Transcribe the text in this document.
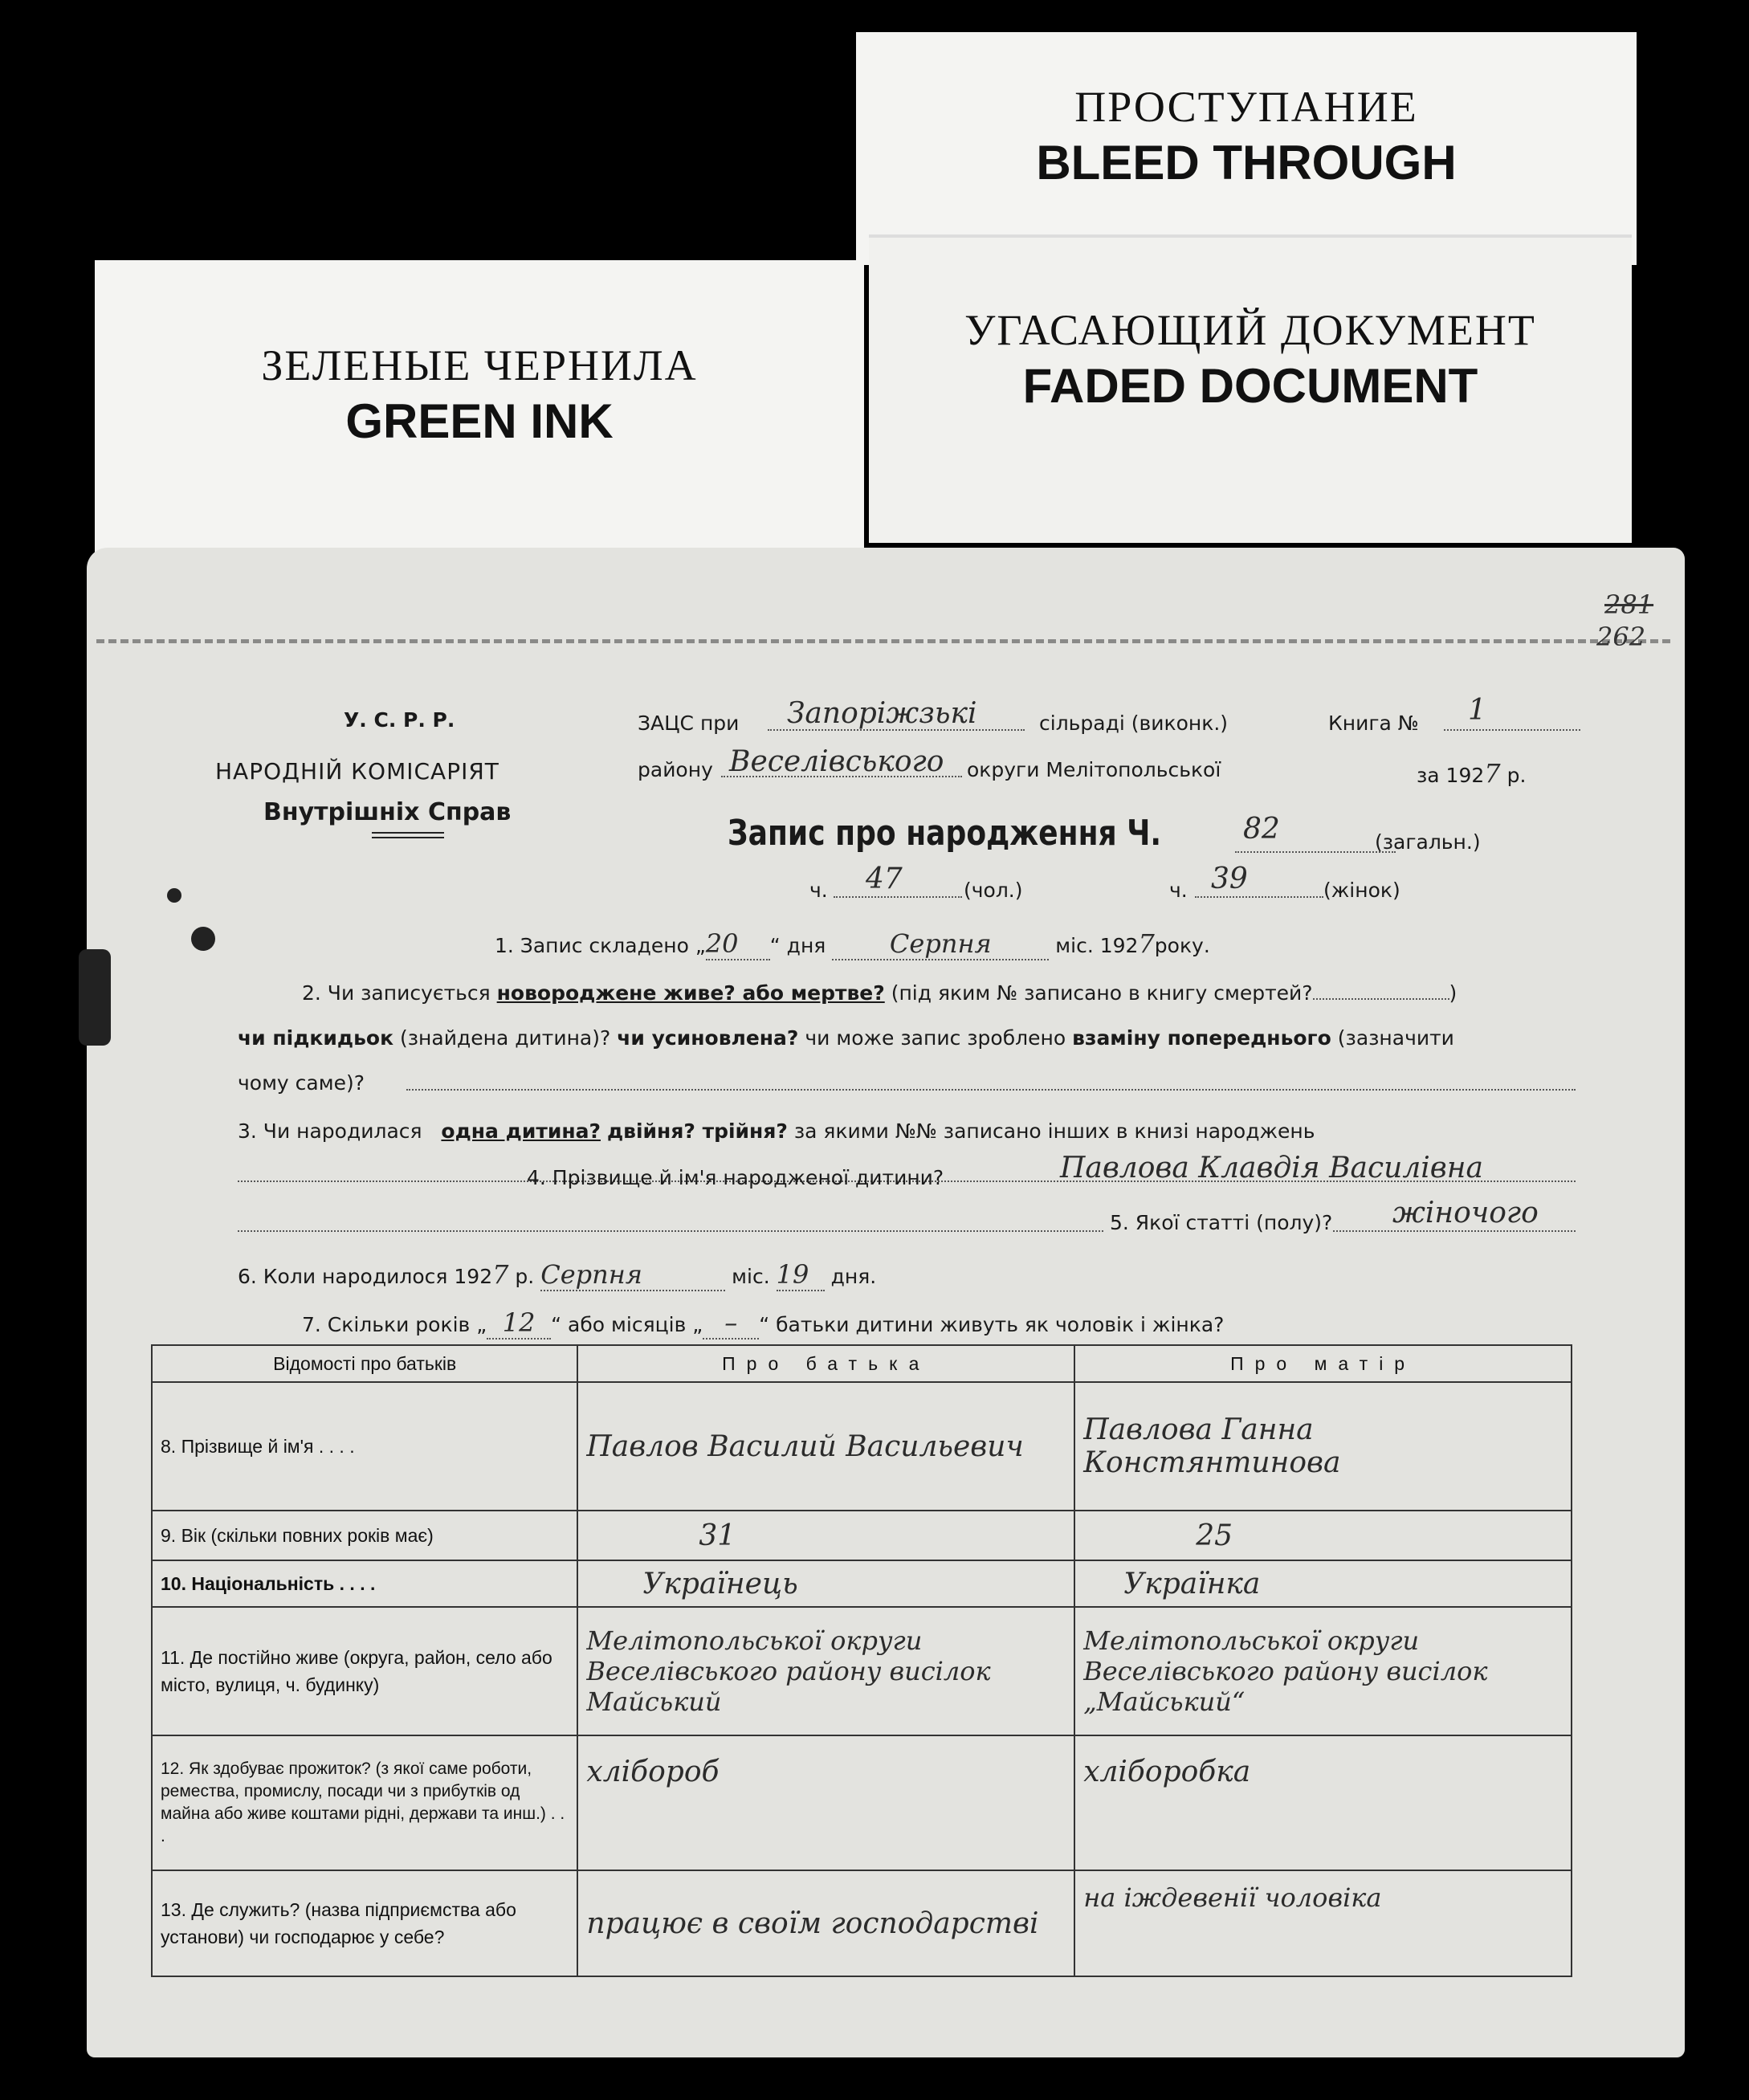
ПРОСТУПАНИЕ
BLEED THROUGH
УГАСАЮЩИЙ ДОКУМЕНТ
FADED DOCUMENT
ЗЕЛЕНЫЕ ЧЕРНИЛА
GREEN INK
281
262
У. С. Р. Р.
НАРОДНІЙ КОМІСАРІЯТ
Внутрішніх Справ
ЗАЦС при Запоріжзькі	сільраді (виконк.)
району Веселівського округи Мелітопольської
Книга № 1
за 1927 р.
Запис про народження Ч.	82	(загальн.)
ч. 47	(чол.)	ч. 39	(жінок)
1. Запис складено „20 “ дня Серпня	міс. 1927року.
2. Чи записується новороджене живе? або мертве? (під яким № записано в книгу смертей?	)
чи підкидьок (знайдена дитина)? чи усиновлена? чи може запис зроблено взаміну попереднього (зазначити
чому саме)?
3. Чи народилася одна дитина? двійня? трійня? за якими №№ записано інших в книзі народжень
4. Прізвище й ім'я народженої дитини?	Павлова Клавдія Василівна
5. Якої статті (полу)? жіночого
6. Коли народилося 1927 р. Серпня	міс. 19 дня.
7. Скільки років „ 12 “ або місяців „ – “ батьки дитини живуть як чоловік і жінка?
Відомості про батьків	Про батька	Про матір
8. Прізвище й ім'я . . . .	Павлов Василий Васильевич	Павлова Ганна Констянтинова
9. Вік (скільки повних років має)	31	25
10. Національність . . . .	Українець	Українка
11. Де постійно живе (округа, район, село або місто, вулиця, ч. будинку)	Мелітопольської округи Веселівського району висілок Майський	Мелітопольської округи Веселівського району висілок „Майський“
12. Як здобуває прожиток? (з якої саме роботи, ремества, промислу, посади чи з прибутків од майна або живе коштами рідні, держави та инш.) . . .	хлібороб	хліборобка
13. Де служить? (назва підприємства або установи) чи господарює у себе?	працює в своїм господарстві	на іждевенії чоловіка
